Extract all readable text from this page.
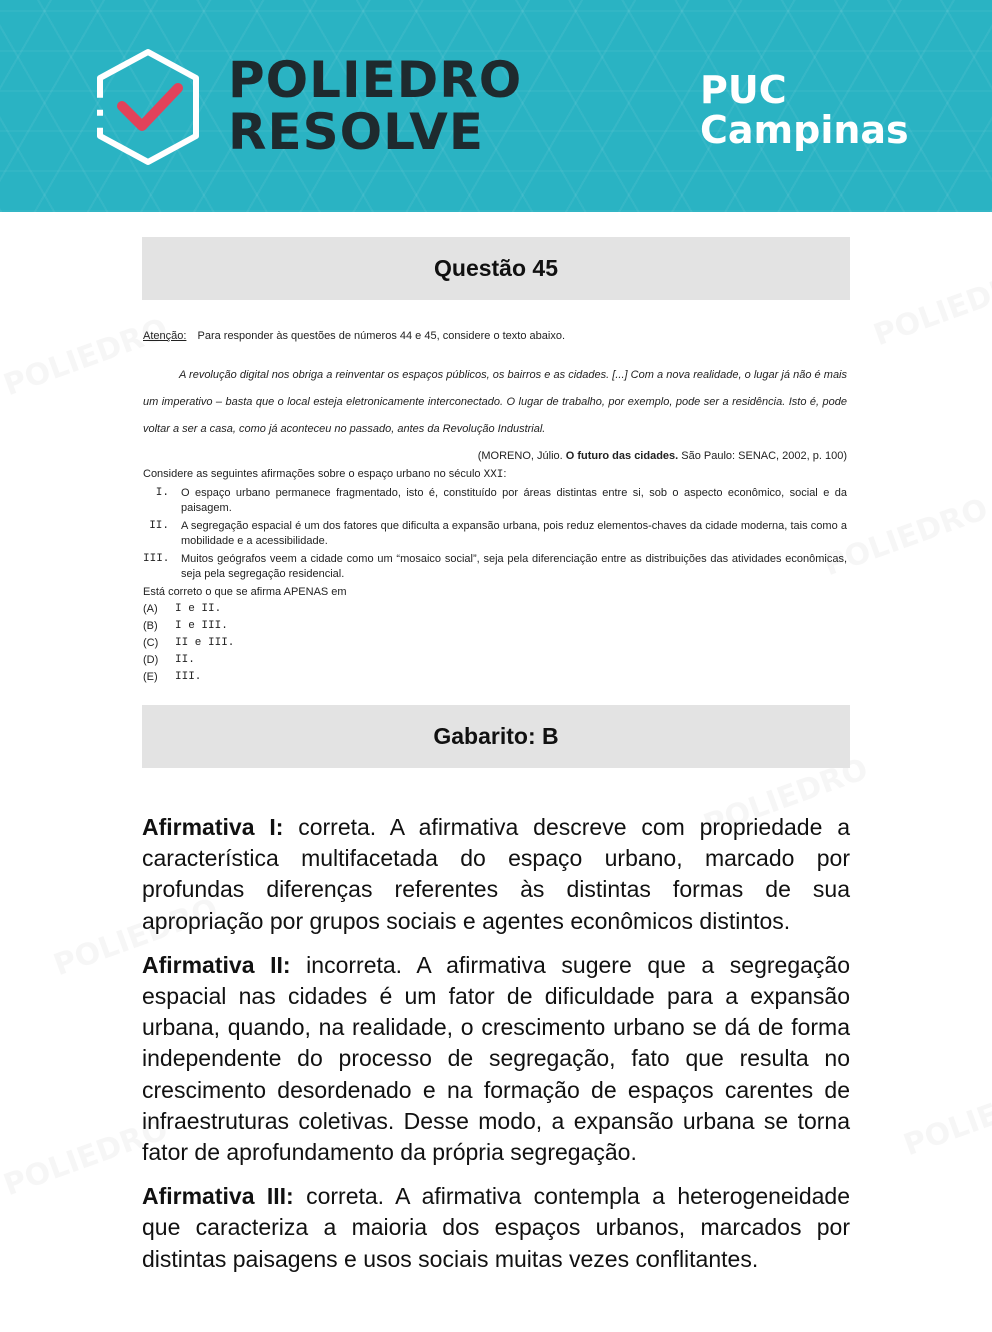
POLIEDRO
RESOLVE
PUC
Campinas
Questão 45
Atenção: Para responder às questões de números 44 e 45, considere o texto abaixo.
A revolução digital nos obriga a reinventar os espaços públicos, os bairros e as cidades. [...] Com a nova realidade, o lugar já não é mais um imperativo – basta que o local esteja eletronicamente interconectado. O lugar de trabalho, por exemplo, pode ser a residência. Isto é, pode voltar a ser a casa, como já aconteceu no passado, antes da Revolução Industrial.
(MORENO, Júlio. O futuro das cidades. São Paulo: SENAC, 2002, p. 100)
Considere as seguintes afirmações sobre o espaço urbano no século XXI:
I.	O espaço urbano permanece fragmentado, isto é, constituído por áreas distintas entre si, sob o aspecto econômico, social e da paisagem.
II.	A segregação espacial é um dos fatores que dificulta a expansão urbana, pois reduz elementos-chaves da cidade moderna, tais como a mobilidade e a acessibilidade.
III.	Muitos geógrafos veem a cidade como um “mosaico social”, seja pela diferenciação entre as distribuições das atividades econômicas, seja pela segregação residencial.
Está correto o que se afirma APENAS em
(A)	I e II.
(B)	I e III.
(C)	II e III.
(D)	II.
(E)	III.
Gabarito: B

Afirmativa I: correta. A afirmativa descreve com propriedade a característica multifacetada do espaço urbano, marcado por profundas diferenças referentes às distintas formas de sua apropriação por grupos sociais e agentes econômicos distintos.

Afirmativa II: incorreta. A afirmativa sugere que a segregação espacial nas cidades é um fator de dificuldade para a expansão urbana, quando, na realidade, o crescimento urbano se dá de forma independente do processo de segregação, fato que resulta no crescimento desordenado e na formação de espaços carentes de infraestruturas coletivas. Desse modo, a expansão urbana se torna fator de aprofundamento da própria segregação.

Afirmativa III: correta. A afirmativa contempla a heterogeneidade que caracteriza a maioria dos espaços urbanos, marcados por distintas paisagens e usos sociais muitas vezes conflitantes.
